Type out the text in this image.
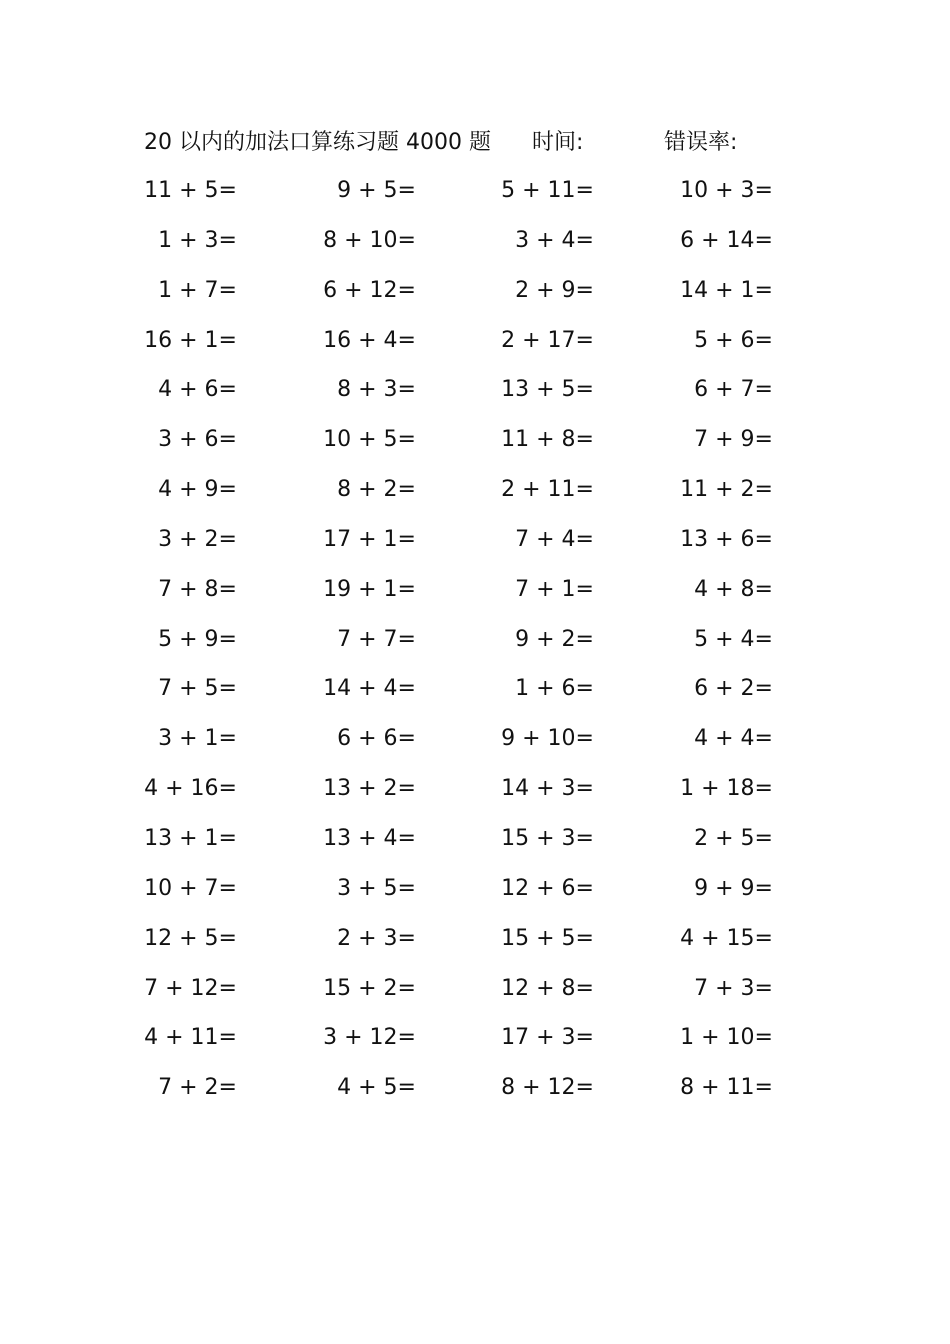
20 以内的加法口算练习题 4000 题 时间:	错误率:
11 + 5=	9 + 5=	5 + 11=	10 + 3=
1 + 3=	8 + 10=	3 + 4=	6 + 14=
1 + 7=	6 + 12=	2 + 9=	14 + 1=
16 + 1=	16 + 4=	2 + 17=	5 + 6=
4 + 6=	8 + 3=	13 + 5=	6 + 7=
3 + 6=	10 + 5=	11 + 8=	7 + 9=
4 + 9=	8 + 2=	2 + 11=	11 + 2=
3 + 2=	17 + 1=	7 + 4=	13 + 6=
7 + 8=	19 + 1=	7 + 1=	4 + 8=
5 + 9=	7 + 7=	9 + 2=	5 + 4=
7 + 5=	14 + 4=	1 + 6=	6 + 2=
3 + 1=	6 + 6=	9 + 10=	4 + 4=
4 + 16=	13 + 2=	14 + 3=	1 + 18=
13 + 1=	13 + 4=	15 + 3=	2 + 5=
10 + 7=	3 + 5=	12 + 6=	9 + 9=
12 + 5=	2 + 3=	15 + 5=	4 + 15=
7 + 12=	15 + 2=	12 + 8=	7 + 3=
4 + 11=	3 + 12=	17 + 3=	1 + 10=
7 + 2=	4 + 5=	8 + 12=	8 + 11=
